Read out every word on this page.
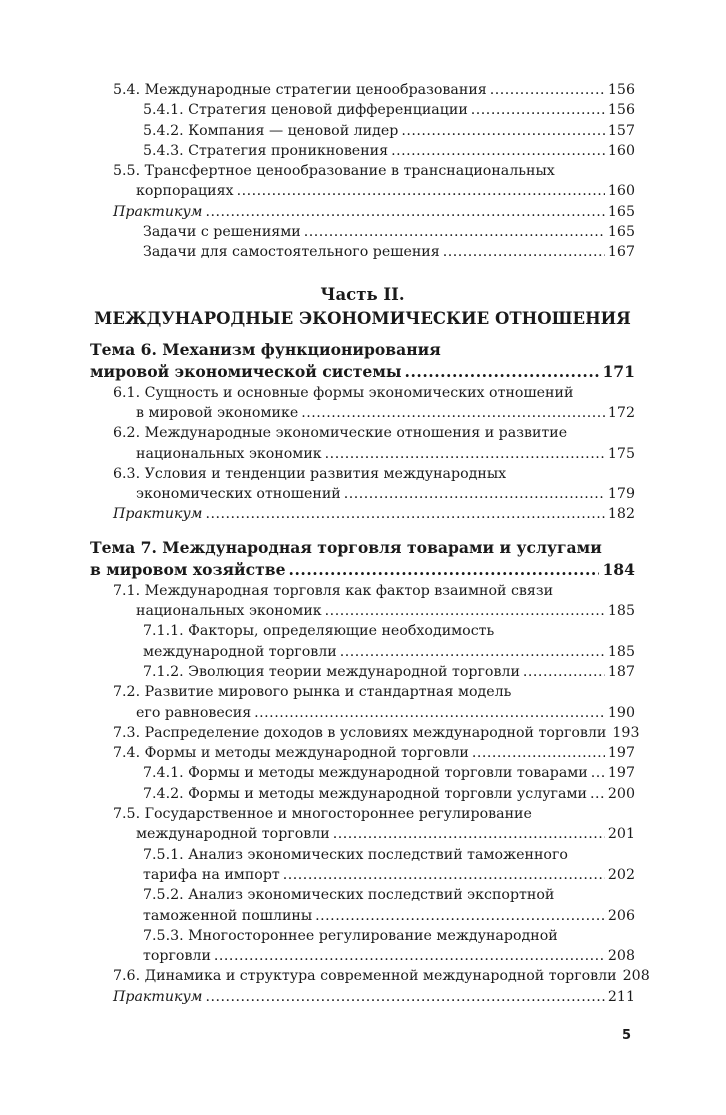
5.4. Международные стратегии ценообразования .....	156
5.4.1. Стратегия ценовой дифференциации .....	156
5.4.2. Компания — ценовой лидер .....	157
5.4.3. Стратегия проникновения .....	160
5.5. Трансфертное ценообразование в транснациональных
корпорациях .....	160
Практикум .....	165
Задачи с решениями .....	165
Задачи для самостоятельного решения .....	167
Часть II.
МЕЖДУНАРОДНЫЕ ЭКОНОМИЧЕСКИЕ ОТНОШЕНИЯ
Тема 6. Механизм функционирования
мировой экономической системы .....	171
6.1. Сущность и основные формы экономических отношений
в мировой экономике .....	172
6.2. Международные экономические отношения и развитие
национальных экономик .....	175
6.3. Условия и тенденции развития международных
экономических отношений .....	179
Практикум .....	182
Тема 7. Международная торговля товарами и услугами
в мировом хозяйстве .....	184
7.1. Международная торговля как фактор взаимной связи
национальных экономик .....	185
7.1.1. Факторы, определяющие необходимость
международной торговли .....	185
7.1.2. Эволюция теории международной торговли .....	187
7.2. Развитие мирового рынка и стандартная модель
его равновесия .....	190
7.3. Распределение доходов в условиях международной торговли 193
7.4. Формы и методы международной торговли .....	197
7.4.1. Формы и методы международной торговли товарами ..... 197
7.4.2. Формы и методы международной торговли услугами ..... 200
7.5. Государственное и многостороннее регулирование
международной торговли .....	201
7.5.1. Анализ экономических последствий таможенного
тарифа на импорт .....	202
7.5.2. Анализ экономических последствий экспортной
таможенной пошлины .....	206
7.5.3. Многостороннее регулирование международной
торговли .....	208
7.6. Динамика и структура современной международной торговли 208
Практикум .....	211
5
